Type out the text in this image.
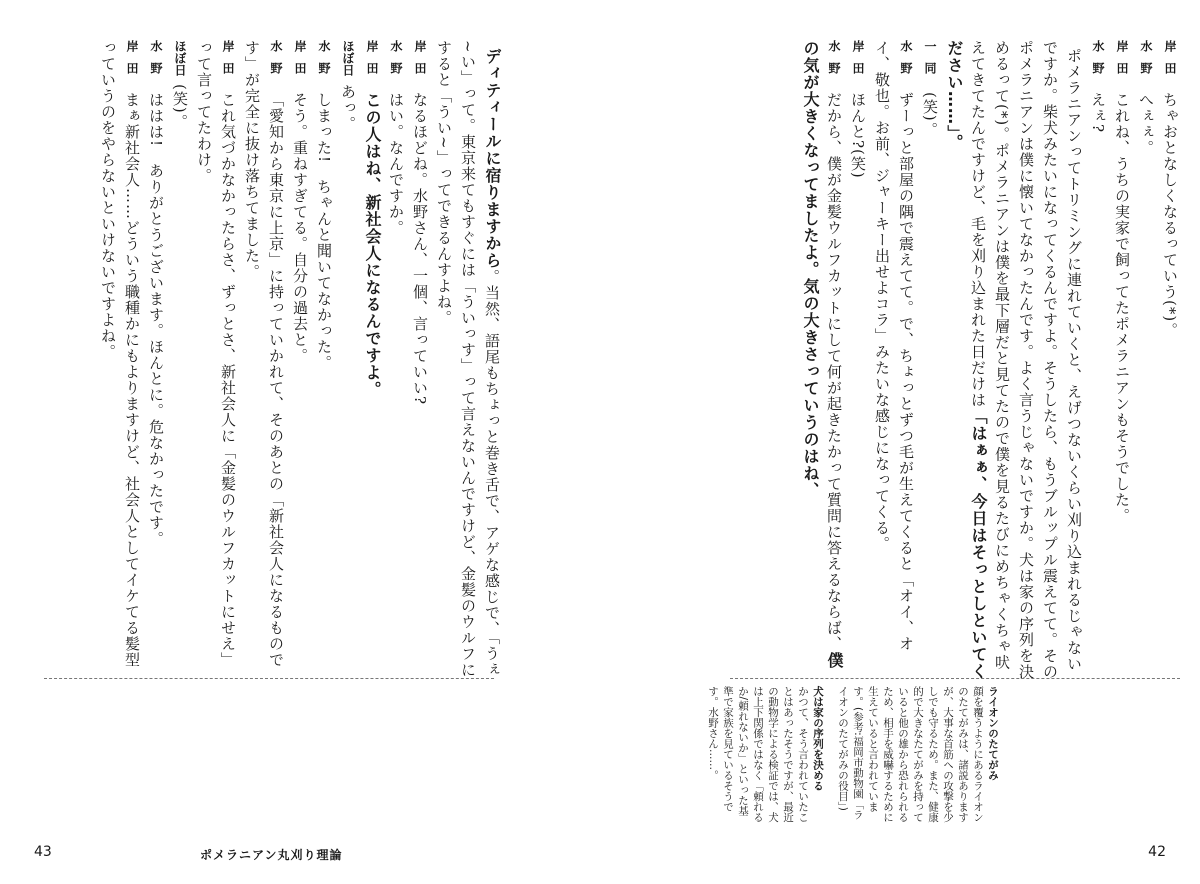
ディティールに宿りますから。当然、語尾もちょっと巻き舌で、アゲな感じで、「うぇ~い」って。東京来てもすぐには「ういっす」って言えないんですけど、金髪のウルフにすると「うい~」ってできるんすよね。
岸田なるほどね。水野さん、一個、言っていい?
水野はい。なんですか。
岸田この人はね、新社会人になるんですよ。
ほぼ日あっ。
水野しまった!　ちゃんと聞いてなかった。
岸田そう。重ねすぎてる。自分の過去と。
水野「愛知から東京に上京」に持っていかれて、そのあとの「新社会人になるものです」が完全に抜け落ちてました。
岸田これ気づかなかったらさ、ずっとさ、新社会人に「金髪のウルフカットにせえ」って言ってたわけ。
ほぼ日(笑)。
水野ははは!　ありがとうございます。ほんとに。危なかったです。
岸田まぁ新社会人……どういう職種かにもよりますけど、社会人としてイケてる髪型っていうのをやらないといけないですよね。
43	ポメラニアン丸刈り理論
岸田ちゃおとなしくなるっていう(*)。
水野へぇぇ。
岸田これね、うちの実家で飼ってたポメラニアンもそうでした。
水野えぇ?
ポメラニアンってトリミングに連れていくと、えげつないくらい刈り込まれるじゃないですか。柴犬みたいになってくるんですよ。そうしたら、もうブルップル震えてて。そのポメラニアンは僕に懐いてなかったんです。よく言うじゃないですか。犬は家の序列を決めるって(*)。ポメラニアンは僕を最下層だと見てたので僕を見るたびにめちゃくちゃ吠えてきてたんですけど、毛を刈り込まれた日だけは「はぁぁ、今日はそっとしといてください……」。
一同(笑)。
水野ずーっと部屋の隅で震えてて。で、ちょっとずつ毛が生えてくると「オイ、オイ、敬也。お前、ジャーキー出せよコラ」みたいな感じになってくる。
岸田ほんと?(笑)
水野だから、僕が金髪ウルフカットにして何が起きたかって質問に答えるならば、僕の気が大きくなってましたよ。気の大きさっていうのはね、
ライオンのたてがみ
顔を覆うようにあるライオンのたてがみは、諸説ありますが、大事な首筋への攻撃を少しでも守るため。また、健康的で大きなたてがみを持っていると他の雄から恐れられるため、相手を威嚇するために生えていると言われています。(参考:福岡市動物園「ライオンのたてがみの役目」)
犬は家の序列を決める
かつて、そう言われていたことはあったそうですが、最近の動物学による検証では、犬は上下関係ではなく「頼れるか/頼れないか」といった基準で家族を見ているそうです。水野さん……。
42
